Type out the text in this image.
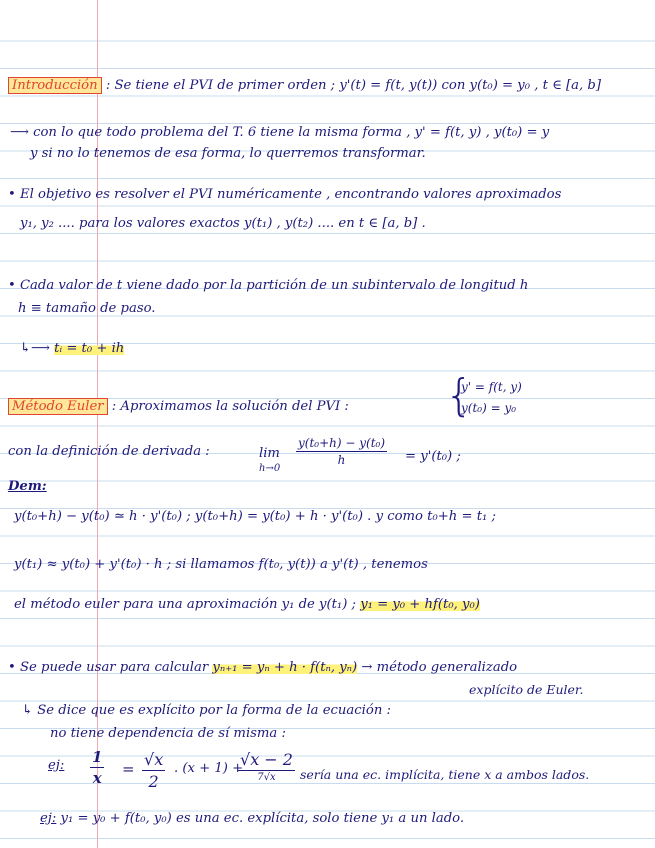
Introducción : Se tiene el PVI de primer orden ; y'(t) = f(t, y(t)) con y(t₀) = y₀ , t ∈ [a, b]
⟶ con lo que todo problema del T. 6 tiene la misma forma , y' = f(t, y) , y(t₀) = y
y si no lo tenemos de esa forma, lo querremos transformar.
• El objetivo es resolver el PVI numéricamente , encontrando valores aproximados
y₁, y₂ .... para los valores exactos y(t₁) , y(t₂) .... en t ∈ [a, b] .
• Cada valor de t viene dado por la partición de un subintervalo de longitud h
h ≡ tamaño de paso.
↳⟶ tᵢ = t₀ + ih
Método Euler : Aproximamos la solución del PVI : {
y' = f(t, y)
y(t₀) = y₀
con la definición de derivada :	lim
h→0
y(t₀+h) − y(t₀)
h	= y'(t₀) ;
Dem:
y(t₀+h) − y(t₀) ≃ h · y'(t₀) ; y(t₀+h) = y(t₀) + h · y'(t₀) . y como t₀+h = t₁ ;
y(t₁) ≈ y(t₀) + y'(t₀) · h ; si llamamos f(t₀, y(t)) a y'(t) , tenemos
el método euler para una aproximación y₁ de y(t₁) ; y₁ = y₀ + hf(t₀, y₀)
• Se puede usar para calcular yₙ₊₁ = yₙ + h · f(tₙ, yₙ) → método generalizado
explícito de Euler.
↳ Se dice que es explícito por la forma de la ecuación :
no tiene dependencia de sí misma :
ej: 1
x = √x
2
. (x + 1) +
√x − 2
7√x	sería una ec. implícita, tiene x a ambos lados.
ej: y₁ = y₀ + f(t₀, y₀) es una ec. explícita, solo tiene y₁ a un lado.
